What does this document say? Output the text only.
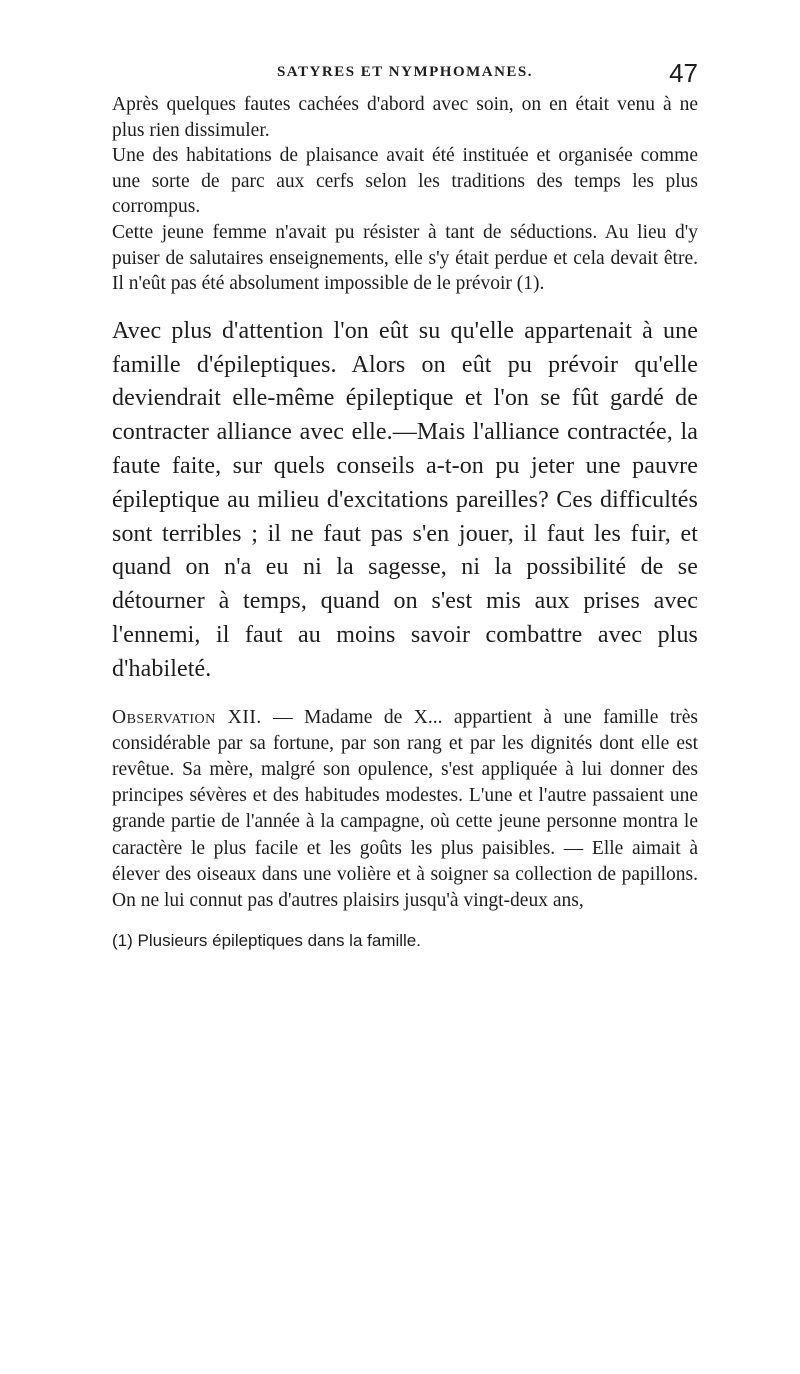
SATYRES ET NYMPHOMANES.	47

Après quelques fautes cachées d'abord avec soin, on en était venu à ne plus rien dissimuler.

Une des habitations de plaisance avait été instituée et organisée comme une sorte de parc aux cerfs selon les traditions des temps les plus corrompus.

Cette jeune femme n'avait pu résister à tant de séductions. Au lieu d'y puiser de salutaires enseignements, elle s'y était perdue et cela devait être. Il n'eût pas été absolument impossible de le prévoir (1).

Avec plus d'attention l'on eût su qu'elle appartenait à une famille d'épileptiques. Alors on eût pu prévoir qu'elle deviendrait elle-même épileptique et l'on se fût gardé de contracter alliance avec elle.—Mais l'alliance contractée, la faute faite, sur quels conseils a-t-on pu jeter une pauvre épileptique au milieu d'excitations pareilles? Ces difficultés sont terribles ; il ne faut pas s'en jouer, il faut les fuir, et quand on n'a eu ni la sagesse, ni la possibilité de se détourner à temps, quand on s'est mis aux prises avec l'ennemi, il faut au moins savoir combattre avec plus d'habileté.

Observation XII. — Madame de X... appartient à une famille très considérable par sa fortune, par son rang et par les dignités dont elle est revêtue. Sa mère, malgré son opulence, s'est appliquée à lui donner des principes sévères et des habitudes modestes. L'une et l'autre passaient une grande partie de l'année à la campagne, où cette jeune personne montra le caractère le plus facile et les goûts les plus paisibles. — Elle aimait à élever des oiseaux dans une volière et à soigner sa collection de papillons. On ne lui connut pas d'autres plaisirs jusqu'à vingt-deux ans,

(1) Plusieurs épileptiques dans la famille.
